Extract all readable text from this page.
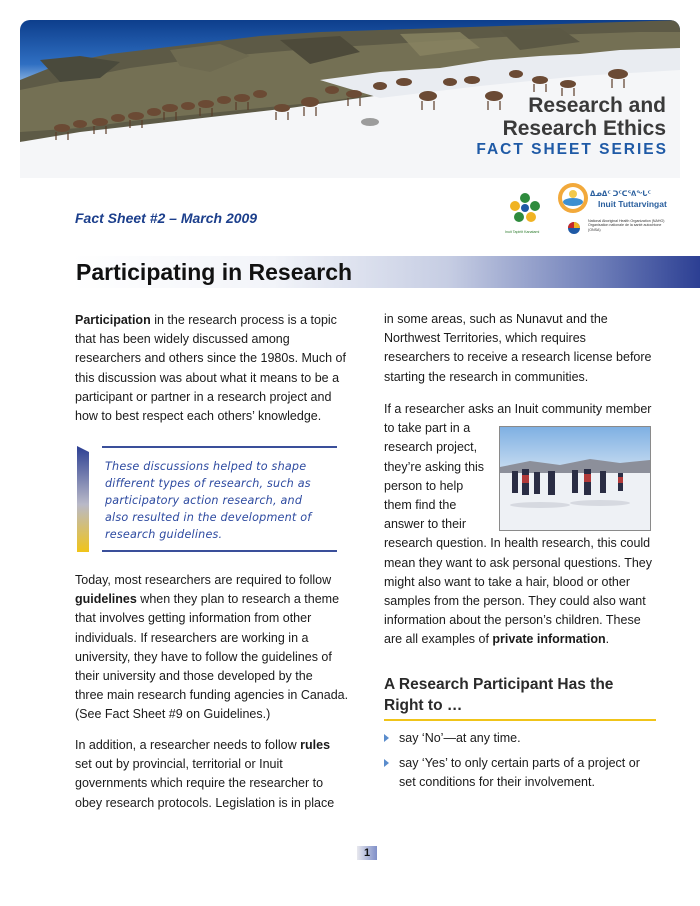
Research and
Research Ethics
FACT SHEET SERIES
Fact Sheet #2 – March 2009
ᐃᓄᐃᑦ ᑐᑦᑕᕐᕕᖓᑦ
Inuit Tuttarvingat
National Aboriginal Health Organization (NAHO) Organisation nationale de la santé autochtone (ONSA)
Inuit Tapiriit Kanatami
Participating in Research
Participation in the research process is a topic
that has been widely discussed among
researchers and others since the 1980s. Much of
this discussion was about what it means to be a
participant or partner in a research project and
how to best respect each others’ knowledge.

These discussions helped to shape
different types of research, such as
participatory action research, and
also resulted in the development of
research guidelines.

Today, most researchers are required to follow
guidelines when they plan to research a theme
that involves getting information from other
individuals. If researchers are working in a
university, they have to follow the guidelines of
their university and those developed by the
three main research funding agencies in Canada.
(See Fact Sheet #9 on Guidelines.)
In addition, a researcher needs to follow rules
set out by provincial, territorial or Inuit
governments which require the researcher to
obey research protocols. Legislation is in place
in some areas, such as Nunavut and the
Northwest Territories, which requires
researchers to receive a research license before
starting the research in communities.
If a researcher asks an Inuit community member
to take part in a
research project,
they’re asking this
person to help
them find the
answer to their
research question. In health research, this could
mean they want to ask personal questions. They
might also want to take a hair, blood or other
samples from the person. They could also want
information about the person’s children. These
are all examples of private information.
A Research Participant Has the
Right to …
say ‘No’—at any time.
say ‘Yes’ to only certain parts of a project or
set conditions for their involvement.
1
